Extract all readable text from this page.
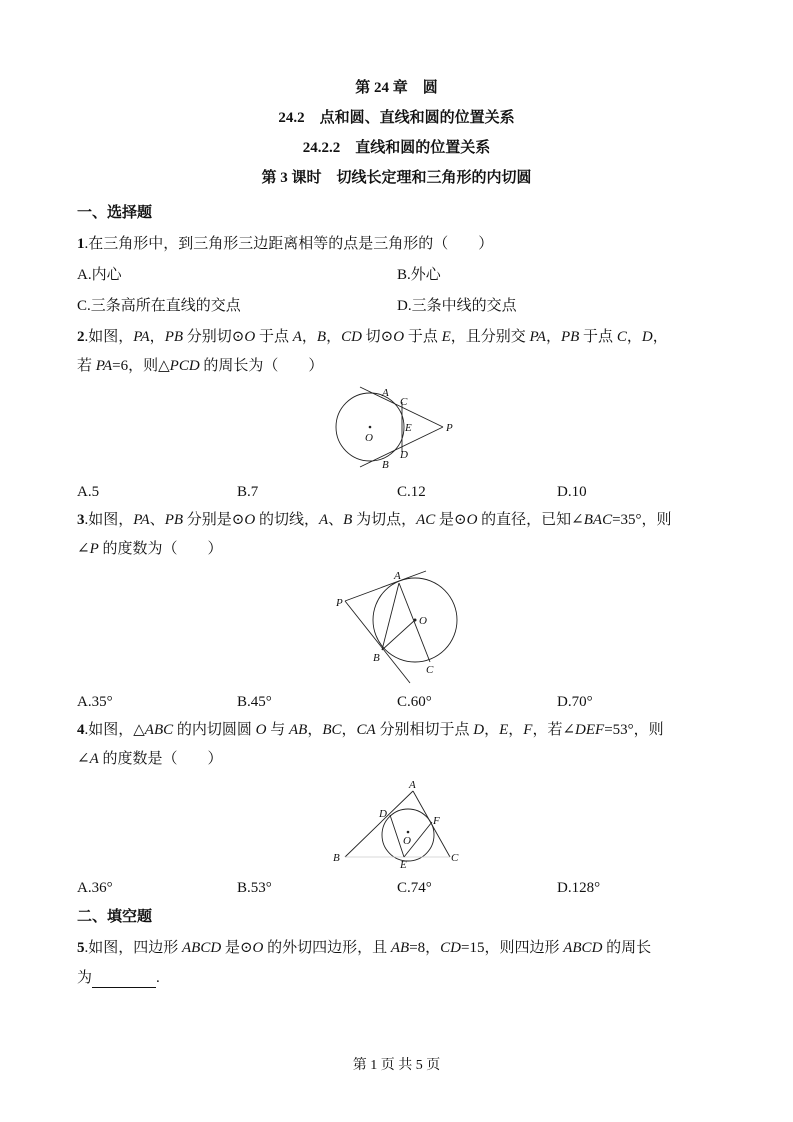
第 24 章　圆
24.2　点和圆、直线和圆的位置关系
24.2.2　直线和圆的位置关系
第 3 课时　切线长定理和三角形的内切圆
一、选择题
1.在三角形中，到三角形三边距离相等的点是三角形的（　　）
A.内心	B.外心
C.三条高所在直线的交点	D.三条中线的交点
2.如图，PA，PB 分别切⊙O 于点 A，B，CD 切⊙O 于点 E，且分别交 PA，PB 于点 C，D，
若 PA=6，则△PCD 的周长为（　　）
A
C
E	P
O
D
B
A.5	B.7	C.12	D.10
3.如图，PA、PB 分别是⊙O 的切线，A、B 为切点，AC 是⊙O 的直径，已知∠BAC=35°，则
∠P 的度数为（　　）
A
P
O
B
C
A.35°	B.45°	C.60°	D.70°
4.如图，△ABC 的内切圆圆 O 与 AB，BC，CA 分别相切于点 D，E，F，若∠DEF=53°，则
∠A 的度数是（　　）
A
D
F
O
B
E
C
A.36°	B.53°	C.74°	D.128°
二、填空题
5.如图，四边形 ABCD 是⊙O 的外切四边形，且 AB=8，CD=15，则四边形 ABCD 的周长
为	.
第 1 页 共 5 页
